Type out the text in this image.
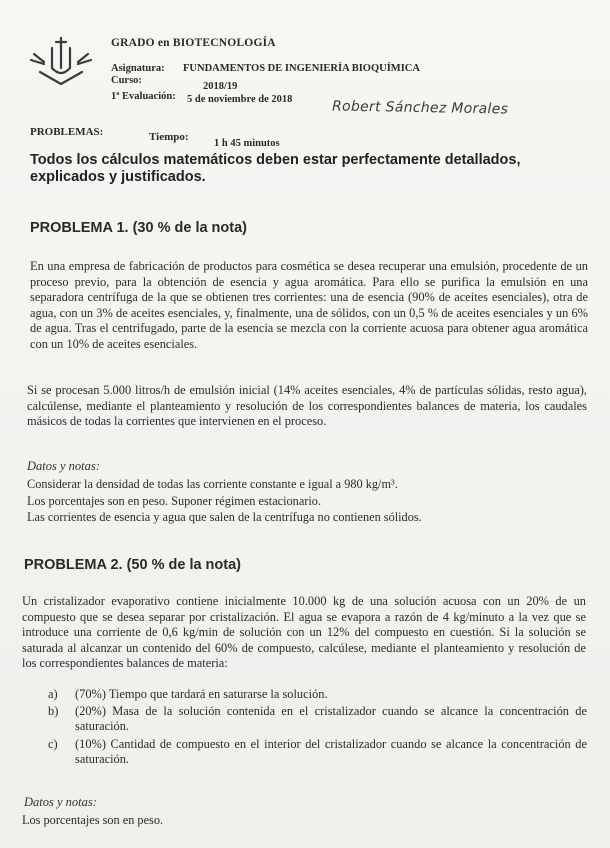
GRADO en BIOTECNOLOGÍA
Asignatura:	FUNDAMENTOS DE INGENIERÍA BIOQUÍMICA
Curso:
2018/19
1ª Evaluación:	5 de noviembre de 2018	Robert Sánchez Morales
PROBLEMAS:	Tiempo:
1 h 45 minutos
Todos los cálculos matemáticos deben estar perfectamente detallados, explicados y justificados.
PROBLEMA 1. (30 % de la nota)
En una empresa de fabricación de productos para cosmética se desea recuperar una emulsión, procedente de un proceso previo, para la obtención de esencia y agua aromática. Para ello se purifica la emulsión en una separadora centrífuga de la que se obtienen tres corrientes: una de esencia (90% de aceites esenciales), otra de agua, con un 3% de aceites esenciales, y, finalmente, una de sólidos, con un 0,5 % de aceites esenciales y un 6% de agua. Tras el centrifugado, parte de la esencia se mezcla con la corriente acuosa para obtener agua aromática con un 10% de aceites esenciales.
Si se procesan 5.000 litros/h de emulsión inicial (14% aceites esenciales, 4% de partículas sólidas, resto agua), calcúlense, mediante el planteamiento y resolución de los correspondientes balances de materia, los caudales másicos de todas la corrientes que intervienen en el proceso.
Datos y notas:
Considerar la densidad de todas las corriente constante e igual a 980 kg/m³.
Los porcentajes son en peso. Suponer régimen estacionario.
Las corrientes de esencia y agua que salen de la centrífuga no contienen sólidos.
PROBLEMA 2. (50 % de la nota)
Un cristalizador evaporativo contiene inicialmente 10.000 kg de una solución acuosa con un 20% de un compuesto que se desea separar por cristalización. El agua se evapora a razón de 4 kg/minuto a la vez que se introduce una corriente de 0,6 kg/min de solución con un 12% del compuesto en cuestión. Si la solución se saturada al alcanzar un contenido del 60% de compuesto, calcúlese, mediante el planteamiento y resolución de los correspondientes balances de materia:
a) (70%) Tiempo que tardará en saturarse la solución.
b) (20%) Masa de la solución contenida en el cristalizador cuando se alcance la concentración de saturación.
c) (10%) Cantidad de compuesto en el interior del cristalizador cuando se alcance la concentración de saturación.
Datos y notas:
Los porcentajes son en peso.
